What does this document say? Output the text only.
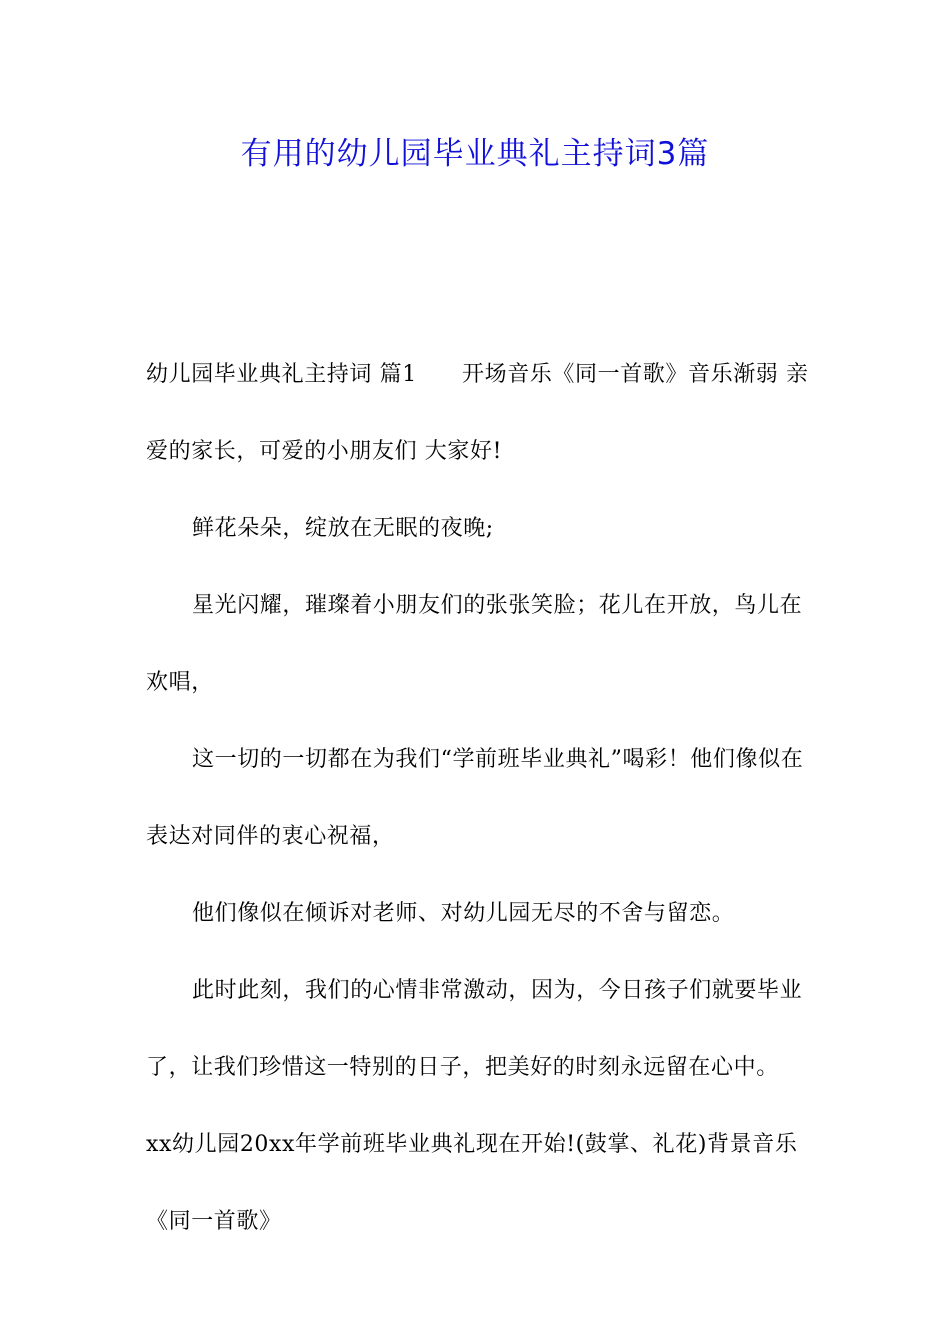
有用的幼儿园毕业典礼主持词3篇

幼儿园毕业典礼主持词 篇1　　开场音乐《同一首歌》音乐渐弱 亲爱的家长，可爱的小朋友们 大家好!

鲜花朵朵，绽放在无眠的夜晚;

星光闪耀，璀璨着小朋友们的张张笑脸；花儿在开放，鸟儿在欢唱，

这一切的一切都在为我们“学前班毕业典礼”喝彩！他们像似在表达对同伴的衷心祝福，

他们像似在倾诉对老师、对幼儿园无尽的不舍与留恋。

此时此刻，我们的心情非常激动，因为，今日孩子们就要毕业了，让我们珍惜这一特别的日子，把美好的时刻永远留在心中。 xx幼儿园20xx年学前班毕业典礼现在开始!(鼓掌、礼花)背景音乐《同一首歌》
